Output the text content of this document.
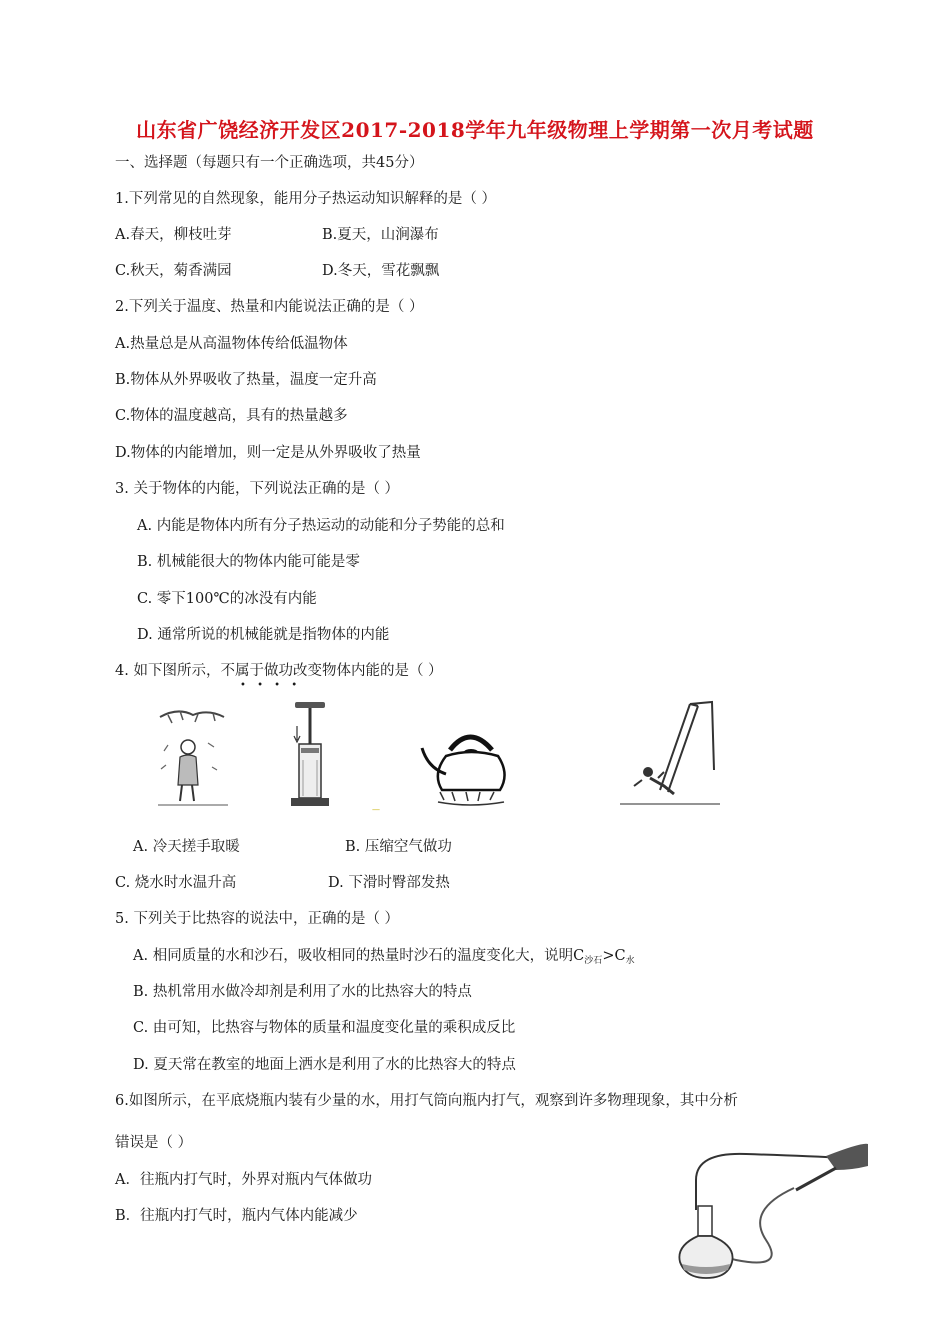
山东省广饶经济开发区2017-2018学年九年级物理上学期第一次月考试题
一、选择题（每题只有一个正确选项，共45分）
1.下列常见的自然现象，能用分子热运动知识解释的是（ ）
A.春天，柳枝吐芽	B.夏天，山涧瀑布
C.秋天，菊香满园	D.冬天，雪花飘飘
2.下列关于温度、热量和内能说法正确的是（ ）
A.热量总是从高温物体传给低温物体
B.物体从外界吸收了热量，温度一定升高
C.物体的温度越高，具有的热量越多
D.物体的内能增加，则一定是从外界吸收了热量
3. 关于物体的内能，下列说法正确的是（ ）
A. 内能是物体内所有分子热运动的动能和分子势能的总和
B. 机械能很大的物体内能可能是零
C. 零下100℃的冰没有内能
D. 通常所说的机械能就是指物体的内能
4. 如下图所示，不属于做功改变物体内能的是（ ）
• • • •
—
A. 冷天搓手取暖	B. 压缩空气做功
C. 烧水时水温升高	D. 下滑时臀部发热
5. 下列关于比热容的说法中，正确的是（ ）
A. 相同质量的水和沙石，吸收相同的热量时沙石的温度变化大，说明$C_{沙石}>C_水$
B. 热机常用水做冷却剂是利用了水的比热容大的特点
C. 由可知，比热容与物体的质量和温度变化量的乘积成反比
D. 夏天常在教室的地面上洒水是利用了水的比热容大的特点
6.如图所示，在平底烧瓶内装有少量的水，用打气筒向瓶内打气，观察到许多物理现象，其中分析
错误是（ ）
A．往瓶内打气时，外界对瓶内气体做功
B．往瓶内打气时，瓶内气体内能减少
